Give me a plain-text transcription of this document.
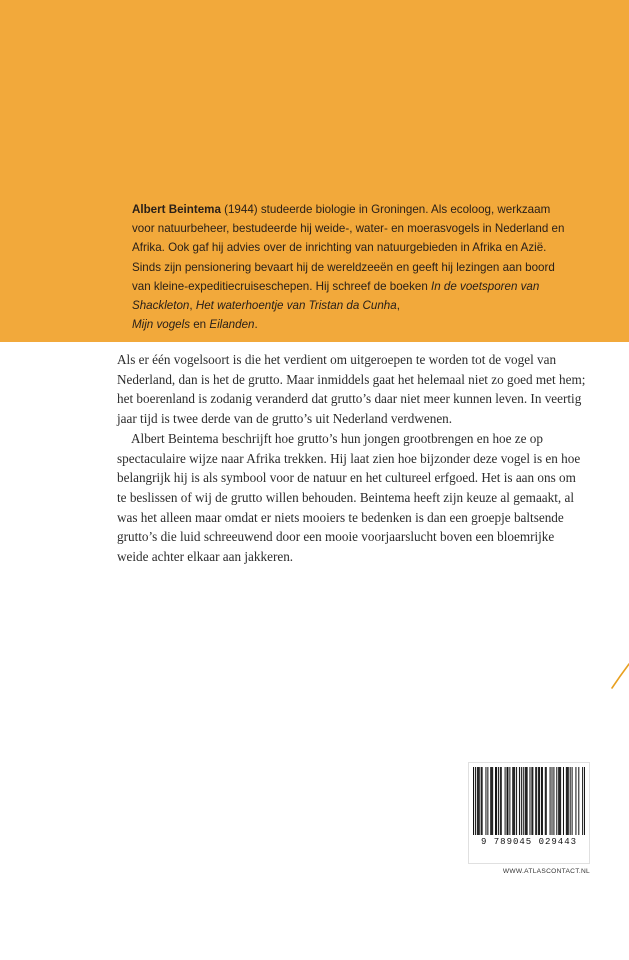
Albert Beintema (1944) studeerde biologie in Groningen. Als ecoloog, werkzaam voor natuurbeheer, bestudeerde hij weide-, water- en moerasvogels in Nederland en Afrika. Ook gaf hij advies over de inrichting van natuurgebieden in Afrika en Azië. Sinds zijn pensionering bevaart hij de wereldzeeën en geeft hij lezingen aan boord van kleine-expeditiecruiseschepen. Hij schreef de boeken In de voetsporen van Shackleton, Het waterhoentje van Tristan da Cunha,
Mijn vogels en Eilanden.

Als er één vogelsoort is die het verdient om uitgeroepen te worden tot de vogel van Nederland, dan is het de grutto. Maar inmiddels gaat het helemaal niet zo goed met hem; het boerenland is zodanig veranderd dat grutto’s daar niet meer kunnen leven. In veertig jaar tijd is twee derde van de grutto’s uit Nederland verdwenen.

Albert Beintema beschrijft hoe grutto’s hun jongen grootbrengen en hoe ze op spectaculaire wijze naar Afrika trekken. Hij laat zien hoe bijzonder deze vogel is en hoe belangrijk hij is als symbool voor de natuur en het cultureel erfgoed. Het is aan ons om te beslissen of wij de grutto willen behouden. Beintema heeft zijn keuze al gemaakt, al was het alleen maar omdat er niets mooiers te bedenken is dan een groepje baltsende grutto’s die luid schreeuwend door een mooie voorjaarslucht boven een bloemrijke weide achter elkaar aan jakkeren.

9 789045 029443
WWW.ATLASCONTACT.NL
